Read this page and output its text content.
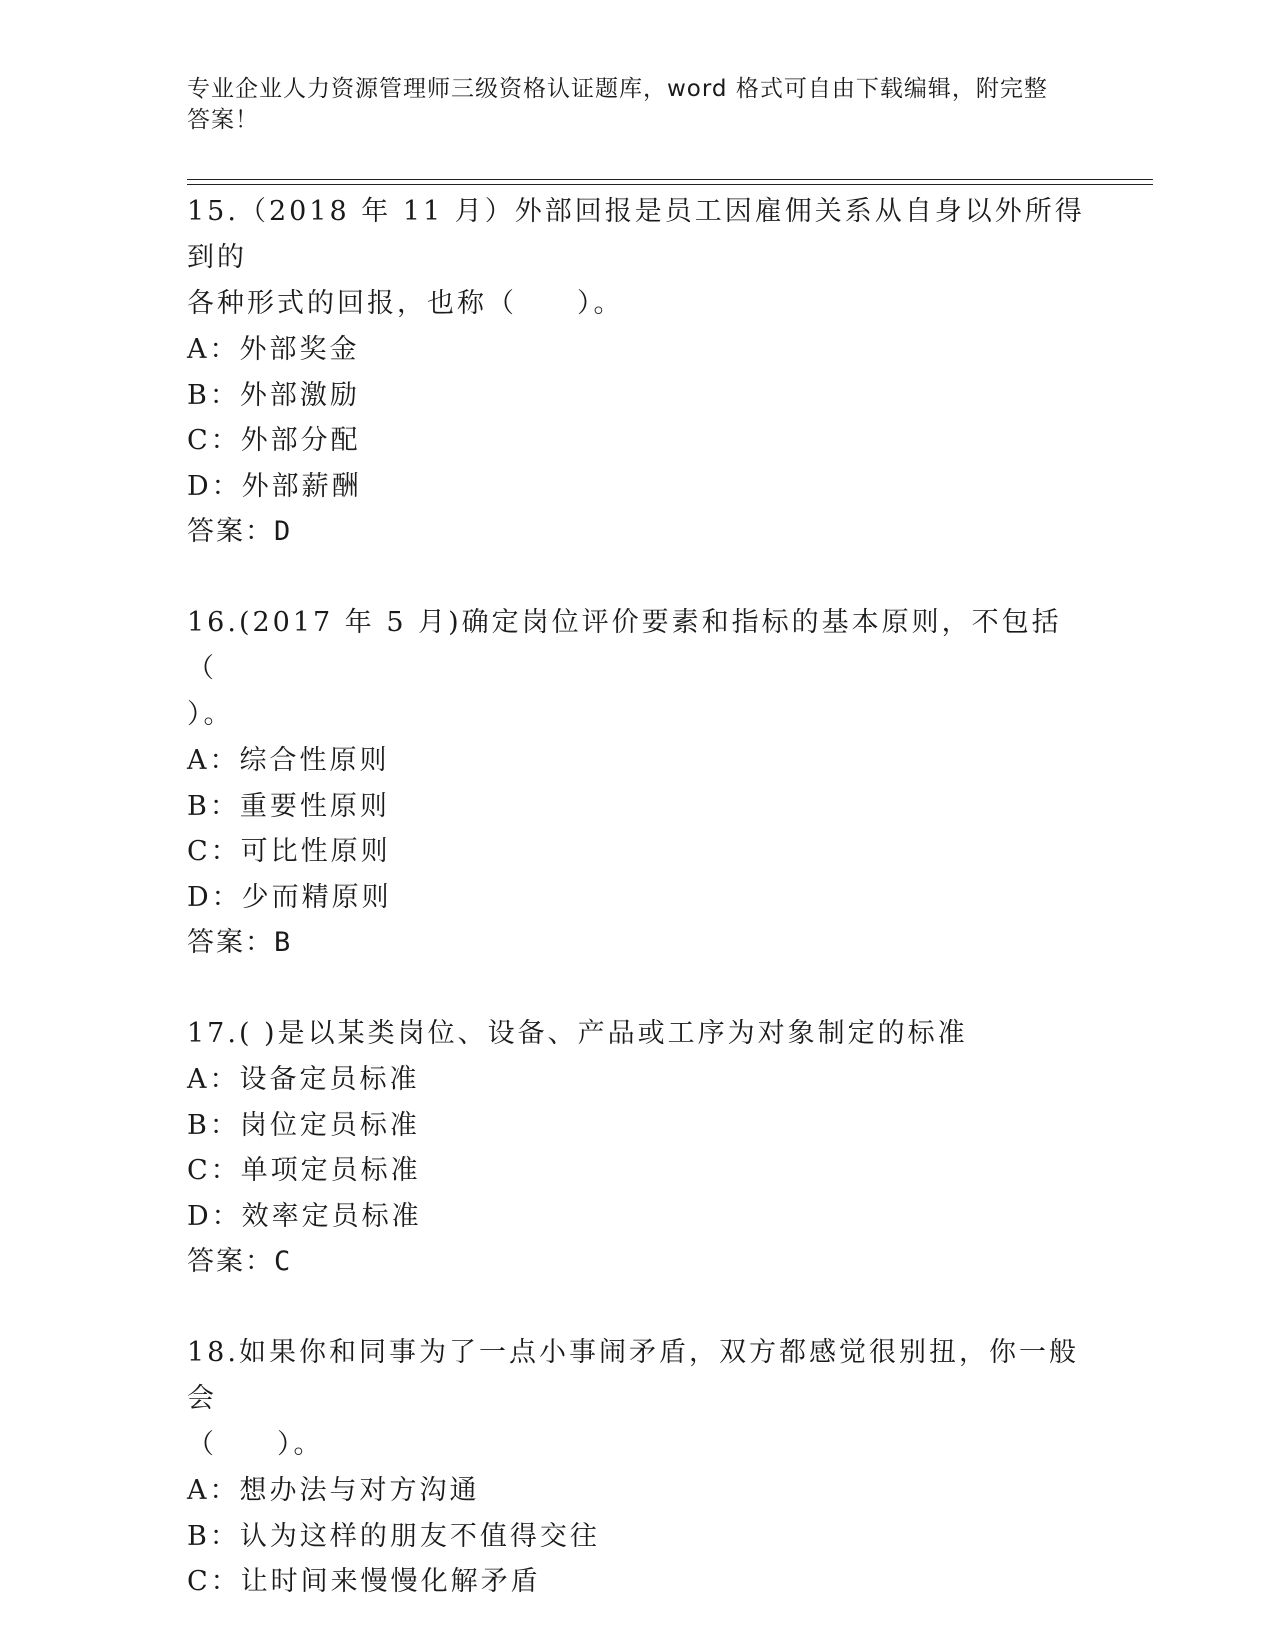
专业企业人力资源管理师三级资格认证题库，word 格式可自由下载编辑，附完整
答案！

15.（2018 年 11 月）外部回报是员工因雇佣关系从自身以外所得到的

各种形式的回报，也称（　　）。

A：外部奖金

B：外部激励

C：外部分配

D：外部薪酬

答案：D

16.(2017 年 5 月)确定岗位评价要素和指标的基本原则，不包括（

）。

A：综合性原则

B：重要性原则

C：可比性原则

D：少而精原则

答案：B

17.( )是以某类岗位、设备、产品或工序为对象制定的标准

A：设备定员标准

B：岗位定员标准

C：单项定员标准

D：效率定员标准

答案：C

18.如果你和同事为了一点小事闹矛盾，双方都感觉很别扭，你一般会

（　　）。

A：想办法与对方沟通

B：认为这样的朋友不值得交往

C：让时间来慢慢化解矛盾
